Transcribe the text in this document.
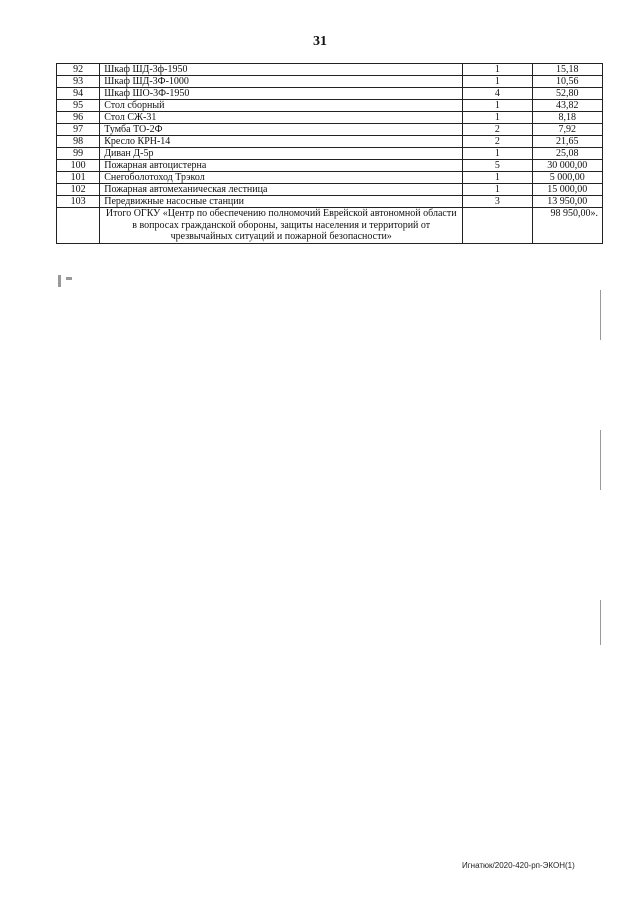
31
92	Шкаф ШД-3ф-1950	1	15,18
93	Шкаф ШД-3Ф-1000	1	10,56
94	Шкаф ШО-3Ф-1950	4	52,80
95	Стол сборный	1	43,82
96	Стол СЖ-31	1	8,18
97	Тумба ТО-2Ф	2	7,92
98	Кресло КРН-14	2	21,65
99	Диван Д-5р	1	25,08
100	Пожарная автоцистерна	5	30 000,00
101	Снегоболотоход Трэкол	1	5 000,00
102	Пожарная автомеханическая лестница	1	15 000,00
103	Передвижные насосные станции	3	13 950,00
	Итого ОГКУ «Центр по обеспечению полномочий Еврейской автономной области в вопросах гражданской обороны, защиты населения и территорий от чрезвычайных ситуаций и пожарной безопасности»		98 950,00».
Игнатюк/2020-420-рп-ЭКОН(1)
